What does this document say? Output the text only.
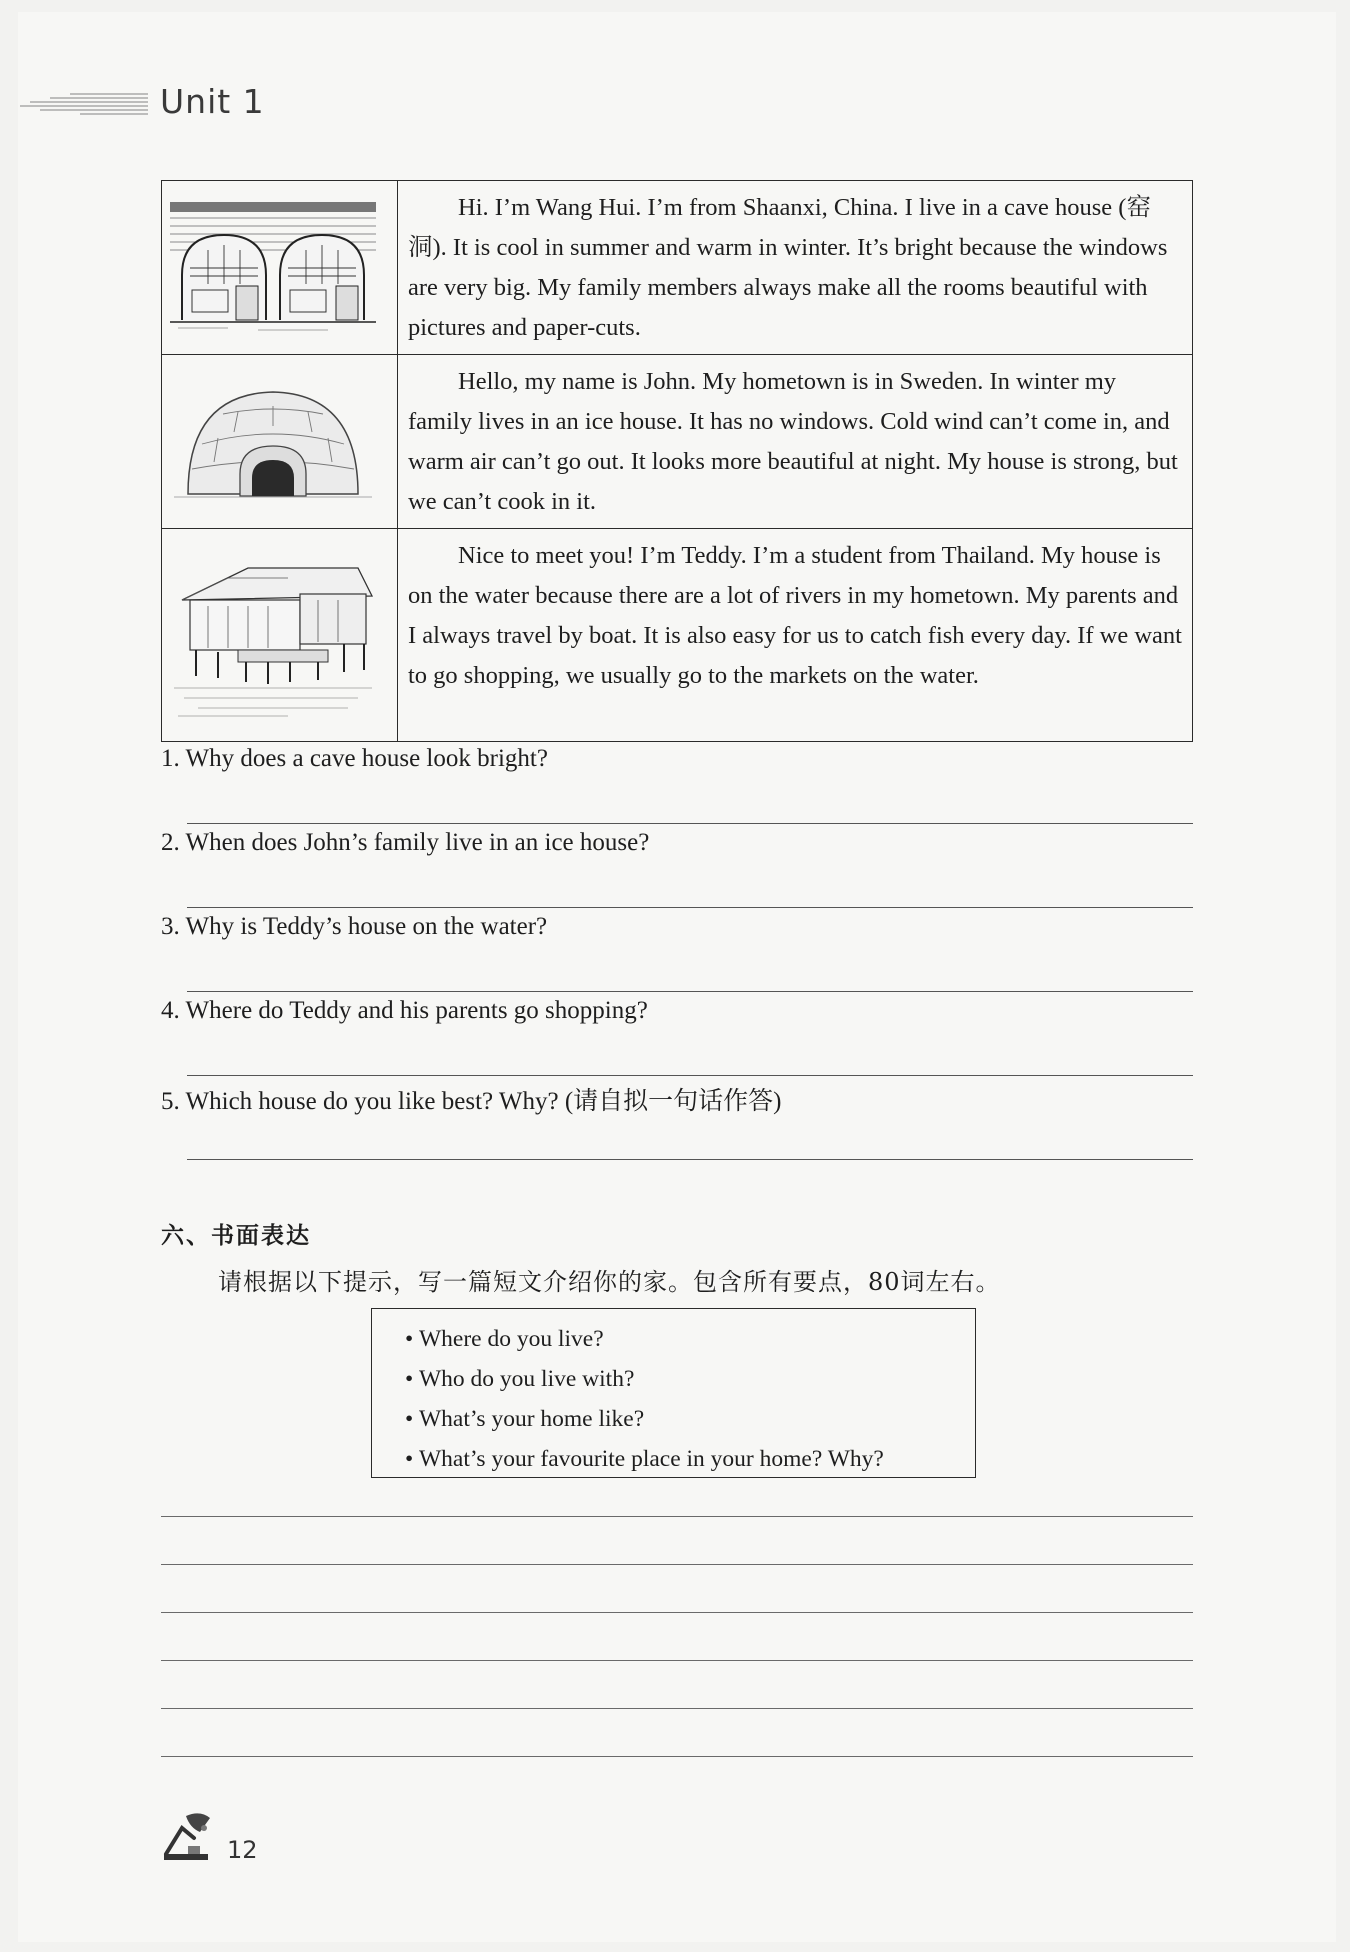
Unit 1
	Hi. I’m Wang Hui. I’m from Shaanxi, China. I live in a cave house (窑洞). It is cool in summer and warm in winter. It’s bright because the windows are very big. My family members always make all the rooms beautiful with pictures and paper-cuts.

	Hello, my name is John. My hometown is in Sweden. In winter my family lives in an ice house. It has no windows. Cold wind can’t come in, and warm air can’t go out. It looks more beautiful at night. My house is strong, but we can’t cook in it.

	Nice to meet you! I’m Teddy. I’m a student from Thailand. My house is on the water because there are a lot of rivers in my hometown. My parents and I always travel by boat. It is also easy for us to catch fish every day. If we want to go shopping, we usually go to the markets on the water.
1. Why does a cave house look bright?
2. When does John’s family live in an ice house?
3. Why is Teddy’s house on the water?
4. Where do Teddy and his parents go shopping?
5. Which house do you like best? Why? (请自拟一句话作答)
六、书面表达
请根据以下提示，写一篇短文介绍你的家。包含所有要点，80词左右。
• Where do you live?
• Who do you live with?
• What’s your home like?
• What’s your favourite place in your home? Why?
12
